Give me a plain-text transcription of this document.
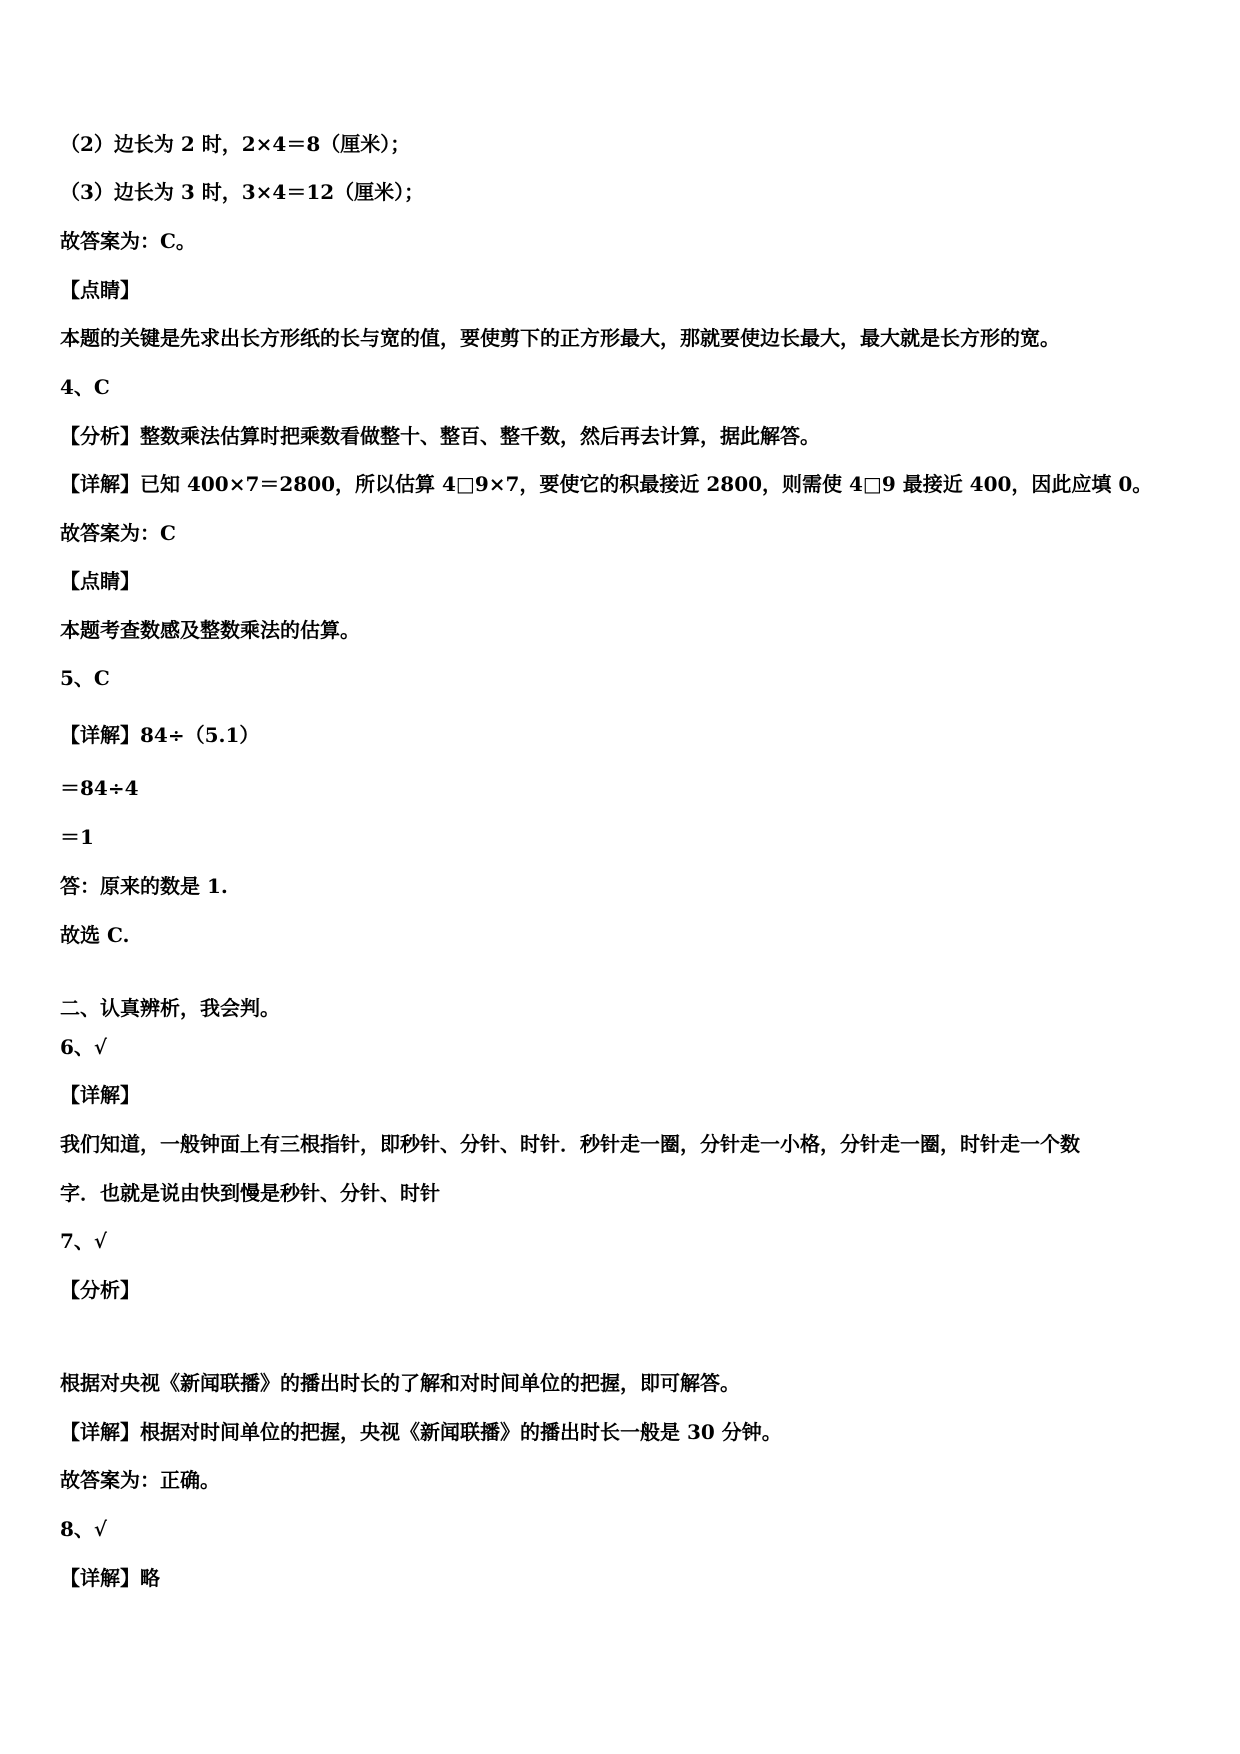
（2）边长为 2 时，2×4＝8（厘米）；
（3）边长为 3 时，3×4＝12（厘米）；
故答案为：C。
【点睛】
本题的关键是先求出长方形纸的长与宽的值，要使剪下的正方形最大，那就要使边长最大，最大就是长方形的宽。
4、C
【分析】整数乘法估算时把乘数看做整十、整百、整千数，然后再去计算，据此解答。
【详解】已知 400×7＝2800，所以估算 4□9×7，要使它的积最接近 2800，则需使 4□9 最接近 400，因此应填 0。
故答案为：C
【点睛】
本题考查数感及整数乘法的估算。
5、C
【详解】84÷（5.1）
＝84÷4
＝1
答：原来的数是 1.
故选 C.
二、认真辨析，我会判。
6、√
【详解】
我们知道，一般钟面上有三根指针，即秒针、分针、时针．秒针走一圈，分针走一小格，分针走一圈，时针走一个数
字．也就是说由快到慢是秒针、分针、时针
7、√
【分析】
根据对央视《新闻联播》的播出时长的了解和对时间单位的把握，即可解答。
【详解】根据对时间单位的把握，央视《新闻联播》的播出时长一般是 30 分钟。
故答案为：正确。
8、√
【详解】略
